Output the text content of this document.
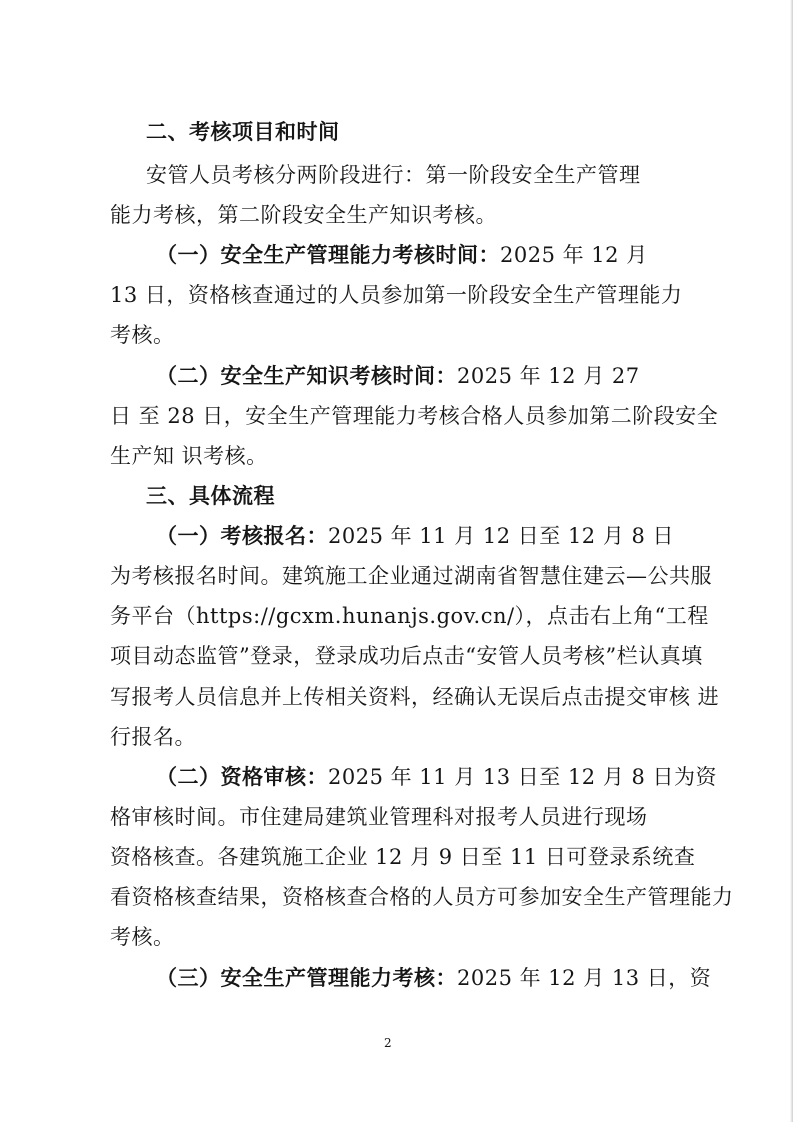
二、考核项目和时间
安管人员考核分两阶段进行：第一阶段安全生产管理
能力考核，第二阶段安全生产知识考核。
（一）安全生产管理能力考核时间：2025 年 12 月
13 日，资格核查通过的人员参加第一阶段安全生产管理能力
考核。
（二）安全生产知识考核时间：2025 年 12 月 27
日 至 28 日，安全生产管理能力考核合格人员参加第二阶段安全
生产知 识考核。
三、具体流程
（一）考核报名：2025 年 11 月 12 日至 12 月 8 日
为考核报名时间。建筑施工企业通过湖南省智慧住建云—公共服
务平台（https://gcxm.hunanjs.gov.cn/），点击右上角“工程
项目动态监管”登录，登录成功后点击“安管人员考核”栏认真填
写报考人员信息并上传相关资料，经确认无误后点击提交审核 进
行报名。
（二）资格审核：2025 年 11 月 13 日至 12 月 8 日为资
格审核时间。市住建局建筑业管理科对报考人员进行现场
资格核查。各建筑施工企业 12 月 9 日至 11 日可登录系统查
看资格核查结果，资格核查合格的人员方可参加安全生产管理能力
考核。
（三）安全生产管理能力考核：2025 年 12 月 13 日，资
2
